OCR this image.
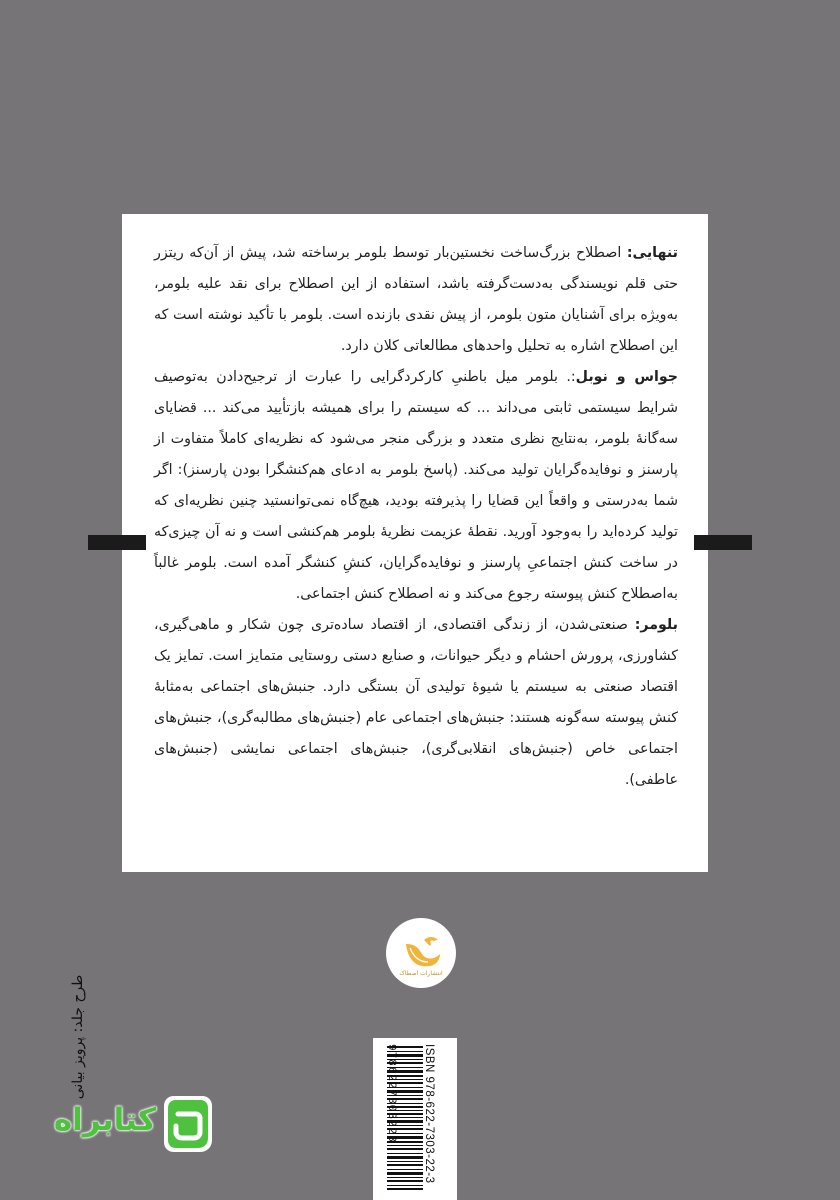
تنهایی: اصطلاح بزرگ‌ساخت نخستین‌بار توسط بلومر برساخته شد، پیش از آن‌که ریتزر حتی قلم نویسندگی به‌دست‌گرفته باشد، استفاده از این اصطلاح برای نقد علیه بلومر، به‌ویژه برای آشنایان متون بلومر، از پیش نقدی بازنده است. بلومر با تأکید نوشته است که این اصطلاح اشاره به تحلیل واحدهای مطالعاتی کلان دارد.

جواس و نوبل:. بلومر میل باطنیِ کارکردگرایی را عبارت از ترجیح‌دادن به‌توصیف شرایط سیستمی ثابتی می‌داند ... که سیستم را برای همیشه بازتأیید می‌کند ... قضایای سه‌گانهٔ بلومر، به‌نتایج نظری متعدد و بزرگی منجر می‌شود که نظریه‌ای کاملاً متفاوت از پارسنز و نوفایده‌گرایان تولید می‌کند. (پاسخ بلومر به ادعای هم‌کنشگرا بودن پارسنز): اگر شما به‌درستی و واقعاً این قضایا را پذیرفته بودید، هیچ‌گاه نمی‌توانستید چنین نظریه‌ای که تولید کرده‌اید را به‌وجود آورید. نقطهٔ عزیمت نظریهٔ بلومر هم‌کنشی است و نه آن چیزی‌که در ساخت کنش اجتماعیِ پارسنز و نوفایده‌گرایان، کنشِ کنشگر آمده است. بلومر غالباً به‌اصطلاح کنش پیوسته رجوع می‌کند و نه اصطلاح کنش اجتماعی.

بلومر: صنعتی‌شدن، از زندگی اقتصادی، از اقتصاد ساده‌تری چون شکار و ماهی‌گیری، کشاورزی، پرورش احشام و دیگر حیوانات، و صنایع دستی روستایی متمایز است. تمایز یک اقتصاد صنعتی به سیستم یا شیوهٔ تولیدی آن بستگی دارد. جنبش‌های اجتماعی به‌مثابهٔ کنش پیوسته سه‌گونه هستند: جنبش‌های اجتماعی عام (جنبش‌های مطالبه‌گری)، جنبش‌های اجتماعی خاص (جنبش‌های انقلابی‌گری)، جنبش‌های اجتماعی نمایشی (جنبش‌های عاطفی).

انتشارات اصطاک
ISBN 978-622-7303-22-3
9786227303223
طرح جلد: پرویز بیانی
کتابراه
